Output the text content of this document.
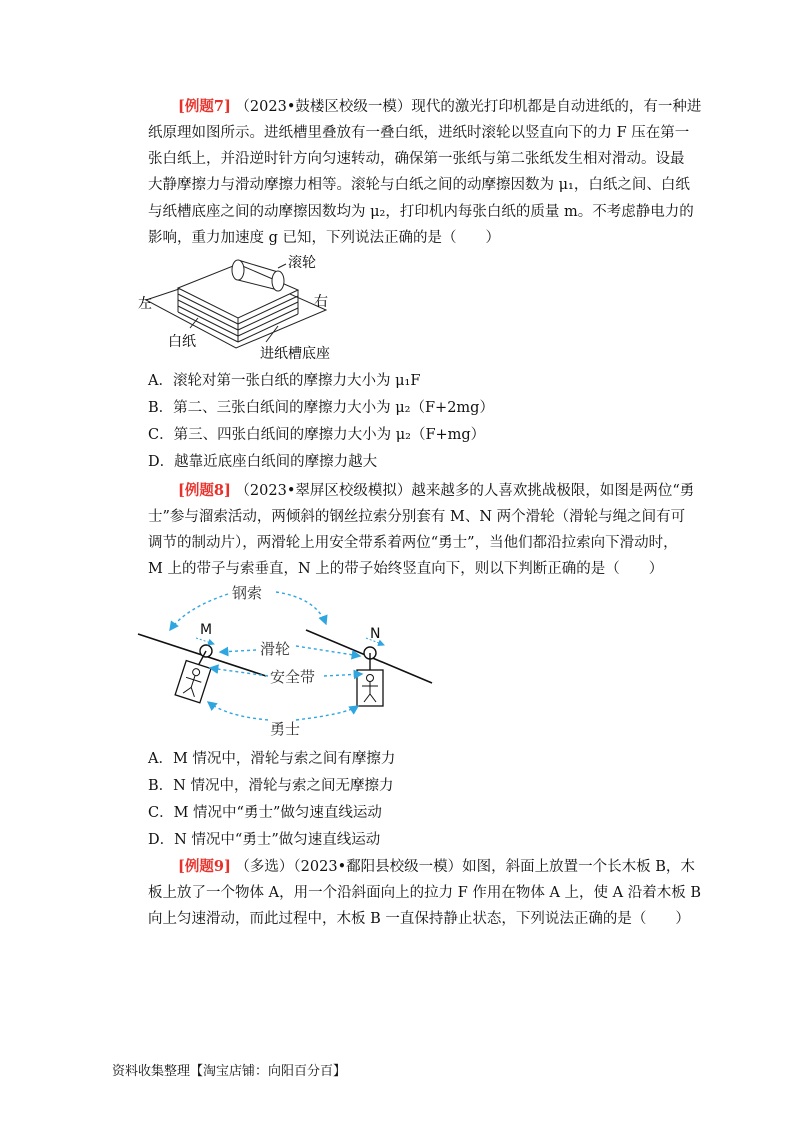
[例题7] （2023•鼓楼区校级一模）现代的激光打印机都是自动进纸的，有一种进
纸原理如图所示。进纸槽里叠放有一叠白纸，进纸时滚轮以竖直向下的力 F 压在第一
张白纸上，并沿逆时针方向匀速转动，确保第一张纸与第二张纸发生相对滑动。设最
大静摩擦力与滑动摩擦力相等。滚轮与白纸之间的动摩擦因数为 μ₁，白纸之间、白纸
与纸槽底座之间的动摩擦因数均为 μ₂，打印机内每张白纸的质量 m。不考虑静电力的
影响，重力加速度 g 已知，下列说法正确的是（　　）
滚轮
左	右
白纸
进纸槽底座
A．滚轮对第一张白纸的摩擦力大小为 μ₁F
B．第二、三张白纸间的摩擦力大小为 μ₂（F+2mg）
C．第三、四张白纸间的摩擦力大小为 μ₂（F+mg）
D．越靠近底座白纸间的摩擦力越大
[例题8] （2023•翠屏区校级模拟）越来越多的人喜欢挑战极限，如图是两位“勇
士”参与溜索活动，两倾斜的钢丝拉索分别套有 M、N 两个滑轮（滑轮与绳之间有可
调节的制动片），两滑轮上用安全带系着两位“勇士”，当他们都沿拉索向下滑动时，
M 上的带子与索垂直，N 上的带子始终竖直向下，则以下判断正确的是（　　）
钢索
M	N
滑轮
安全带
勇士
A．M 情况中，滑轮与索之间有摩擦力
B．N 情况中，滑轮与索之间无摩擦力
C．M 情况中“勇士”做匀速直线运动
D．N 情况中“勇士”做匀速直线运动
[例题9] （多选）（2023•鄱阳县校级一模）如图，斜面上放置一个长木板 B，木
板上放了一个物体 A，用一个沿斜面向上的拉力 F 作用在物体 A 上，使 A 沿着木板 B
向上匀速滑动，而此过程中，木板 B 一直保持静止状态，下列说法正确的是（　　）
资料收集整理【淘宝店铺：向阳百分百】
